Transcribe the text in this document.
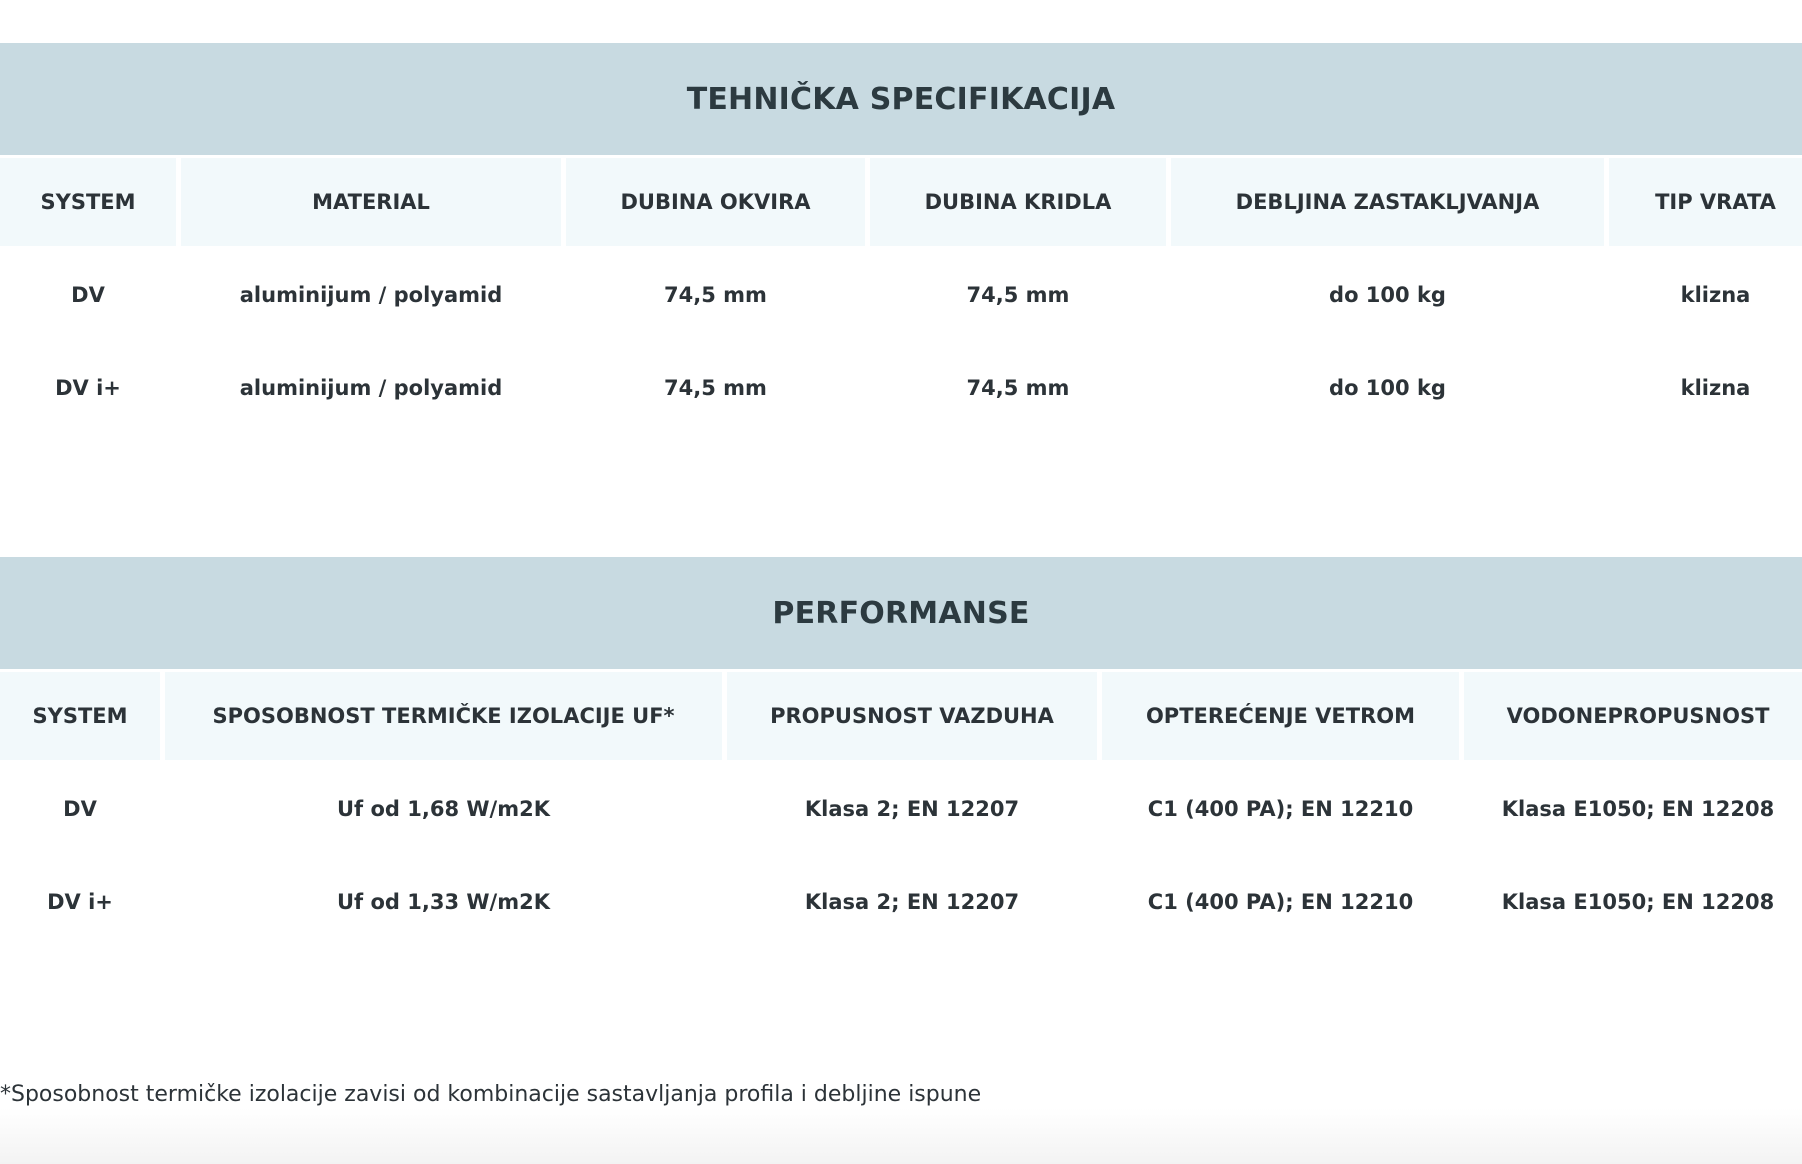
TEHNIČKA SPECIFIKACIJA
SYSTEM	MATERIAL	DUBINA OKVIRA	DUBINA KRIDLA	DEBLJINA ZASTAKLJVANJA	TIP VRATA
DV	aluminijum / polyamid	74,5 mm	74,5 mm	do 100 kg	klizna
DV i+	aluminijum / polyamid	74,5 mm	74,5 mm	do 100 kg	klizna
PERFORMANSE
SYSTEM	SPOSOBNOST TERMIČKE IZOLACIJE UF*	PROPUSNOST VAZDUHA	OPTEREĆENJE VETROM	VODONEPROPUSNOST
DV	Uf od 1,68 W/m2K	Klasa 2; EN 12207	C1 (400 PA); EN 12210	Klasa E1050; EN 12208
DV i+	Uf od 1,33 W/m2K	Klasa 2; EN 12207	C1 (400 PA); EN 12210	Klasa E1050; EN 12208

*Sposobnost termičke izolacije zavisi od kombinacije sastavljanja profila i debljine ispune
